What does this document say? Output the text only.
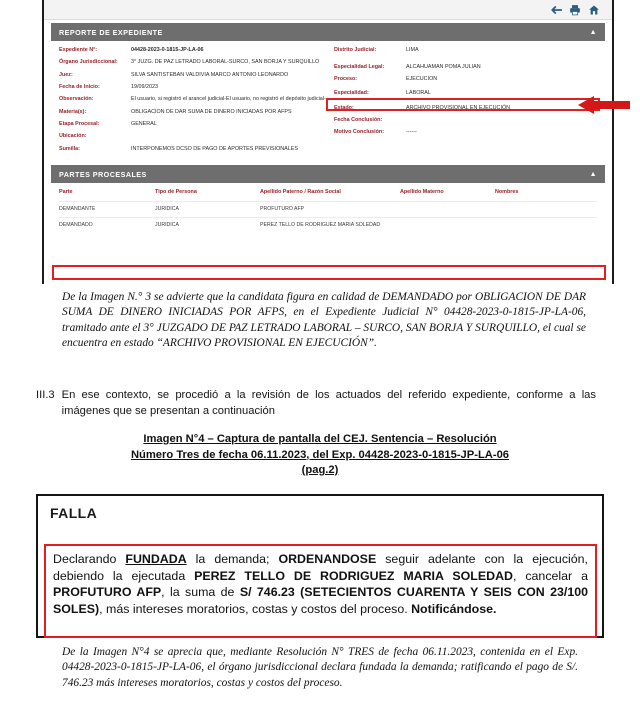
REPORTE DE EXPEDIENTE	▲
Expediente N°:	04428-2023-0-1815-JP-LA-06
Órgano Jurisdiccional:	3° JUZG. DE PAZ LETRADO LABORAL-SURCO, SAN BORJA Y SURQUILLO
Juez:	SILVA SANTISTEBAN VALDIVIA MARCO ANTONIO LEONARDO
Fecha de Inicio:	19/09/2023
Observación:	El usuario, si registró el arancel judicial-El usuario, no registró el depósito judicial-
Materia(s):	OBLIGACION DE DAR SUMA DE DINERO INICIADAS POR AFPS
Etapa Procesal:	GENERAL
Ubicación:
Sumilla:	INTERPONEMOS DCSO DE PAGO DE APORTES PREVISIONALES
Distrito Judicial:	LIMA
Especialidad Legal:	ALCAHUAMAN POMA JULIAN
Proceso:	EJECUCION
Especialidad:	LABORAL
Estado:	ARCHIVO PROVISIONAL EN EJECUCIÓN
Fecha Conclusión:
Motivo Conclusión:	------
PARTES PROCESALES	▲
Parte	Tipo de Persona	Apellido Paterno / Razón Social	Apellido Materno	Nombres
DEMANDANTE	JURIDICA	PROFUTURO AFP
DEMANDADO	JURIDICA	PEREZ TELLO DE RODRIGUEZ MARIA SOLEDAD
De la Imagen N.° 3 se advierte que la candidata figura en calidad de DEMANDADO por OBLIGACION DE DAR SUMA DE DINERO INICIADAS POR AFPS, en el Expediente Judicial N° 04428-2023-0-1815-JP-LA-06, tramitado ante el 3° JUZGADO DE PAZ LETRADO LABORAL – SURCO, SAN BORJA Y SURQUILLO, el cual se encuentra en estado “ARCHIVO PROVISIONAL EN EJECUCIÓN”.
III.3 En ese contexto, se procedió a la revisión de los actuados del referido expediente, conforme a las imágenes que se presentan a continuación
Imagen N°4 – Captura de pantalla del CEJ. Sentencia – Resolución
Número Tres de fecha 06.11.2023, del Exp. 04428-2023-0-1815-JP-LA-06
(pag.2)
FALLA

Declarando FUNDADA la demanda; ORDENANDOSE seguir adelante con la ejecución, debiendo la ejecutada PEREZ TELLO DE RODRIGUEZ MARIA SOLEDAD, cancelar a PROFUTURO AFP, la suma de S/ 746.23 (SETECIENTOS CUARENTA Y SEIS CON 23/100 SOLES), más intereses moratorios, costas y costos del proceso. Notificándose.

De la Imagen N°4 se aprecia que, mediante Resolución N° TRES de fecha 06.11.2023, contenida en el Exp. 04428-2023-0-1815-JP-LA-06, el órgano jurisdiccional declara fundada la demanda; ratificando el pago de S/. 746.23 más intereses moratorios, costas y costos del proceso.
